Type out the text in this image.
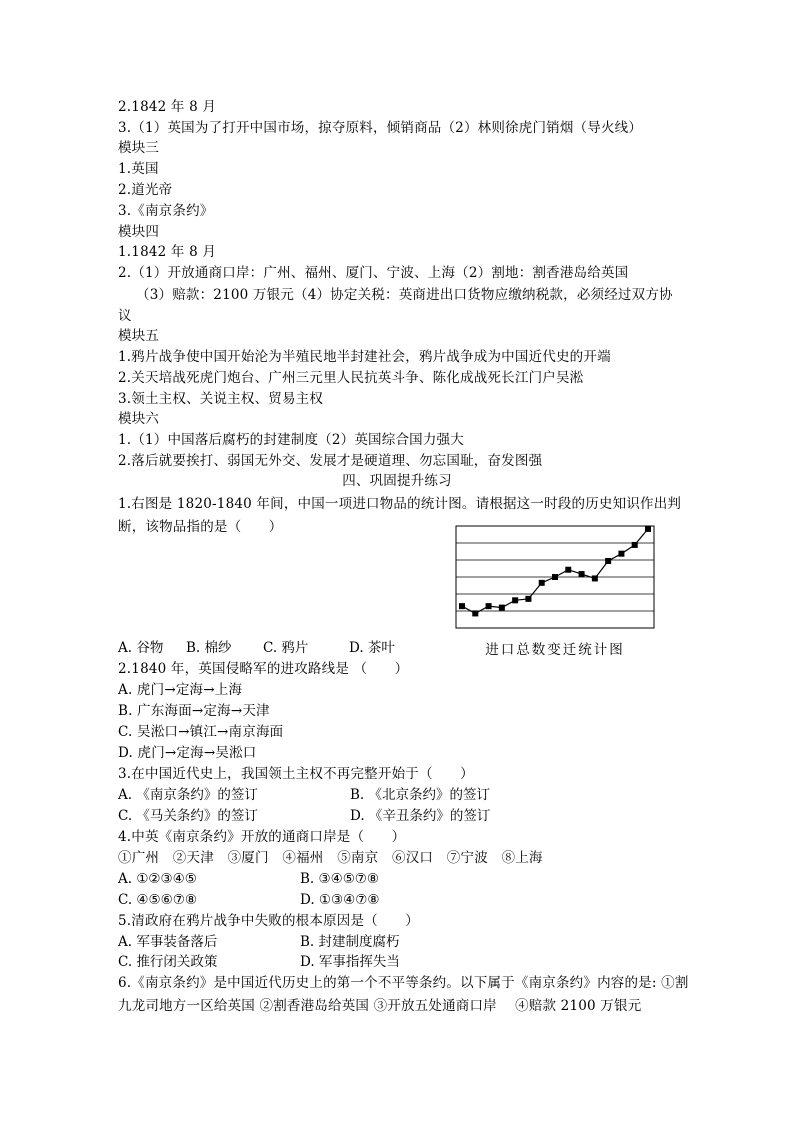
2.1842 年 8 月
3.（1）英国为了打开中国市场，掠夺原料，倾销商品（2）林则徐虎门销烟（导火线）
模块三
1.英国
2.道光帝
3.《南京条约》
模块四
1.1842 年 8 月
2.（1）开放通商口岸：广州、福州、厦门、宁波、上海（2）割地：割香港岛给英国
（3）赔款：2100 万银元（4）协定关税：英商进出口货物应缴纳税款，必须经过双方协
议
模块五
1.鸦片战争使中国开始沦为半殖民地半封建社会，鸦片战争成为中国近代史的开端
2.关天培战死虎门炮台、广州三元里人民抗英斗争、陈化成战死长江门户吴淞
3.领土主权、关说主权、贸易主权
模块六
1.（1）中国落后腐朽的封建制度（2）英国综合国力强大
2.落后就要挨打、弱国无外交、发展才是硬道理、勿忘国耻，奋发图强
四、巩固提升练习
1.右图是 1820-1840 年间，中国一项进口物品的统计图。请根据这一时段的历史知识作出判
断，该物品指的是（　　）
进口总数变迁统计图
A. 谷物 B. 棉纱 C. 鸦片	D. 茶叶
2.1840 年，英国侵略军的进攻路线是 （　　）
A. 虎门→定海→上海
B. 广东海面→定海→天津
C. 吴淞口→镇江→南京海面
D. 虎门→定海→吴淞口
3.在中国近代史上，我国领土主权不再完整开始于（　　）
A. 《南京条约》的签订	B. 《北京条约》的签订
C. 《马关条约》的签订	D. 《辛丑条约》的签订
4.中英《南京条约》开放的通商口岸是（　　）
①广州　②天津　③厦门　④福州　⑤南京　⑥汉口　⑦宁波　⑧上海
A. ①②③④⑤	B. ③④⑤⑦⑧
C. ④⑤⑥⑦⑧	D. ①③④⑦⑧
5.清政府在鸦片战争中失败的根本原因是（　　）
A. 军事装备落后	B. 封建制度腐朽
C. 推行闭关政策	D. 军事指挥失当
6.《南京条约》是中国近代历史上的第一个不平等条约。以下属于《南京条约》内容的是: ①割
九龙司地方一区给英国 ②割香港岛给英国 ③开放五处通商口岸　 ④赔款 2100 万银元
